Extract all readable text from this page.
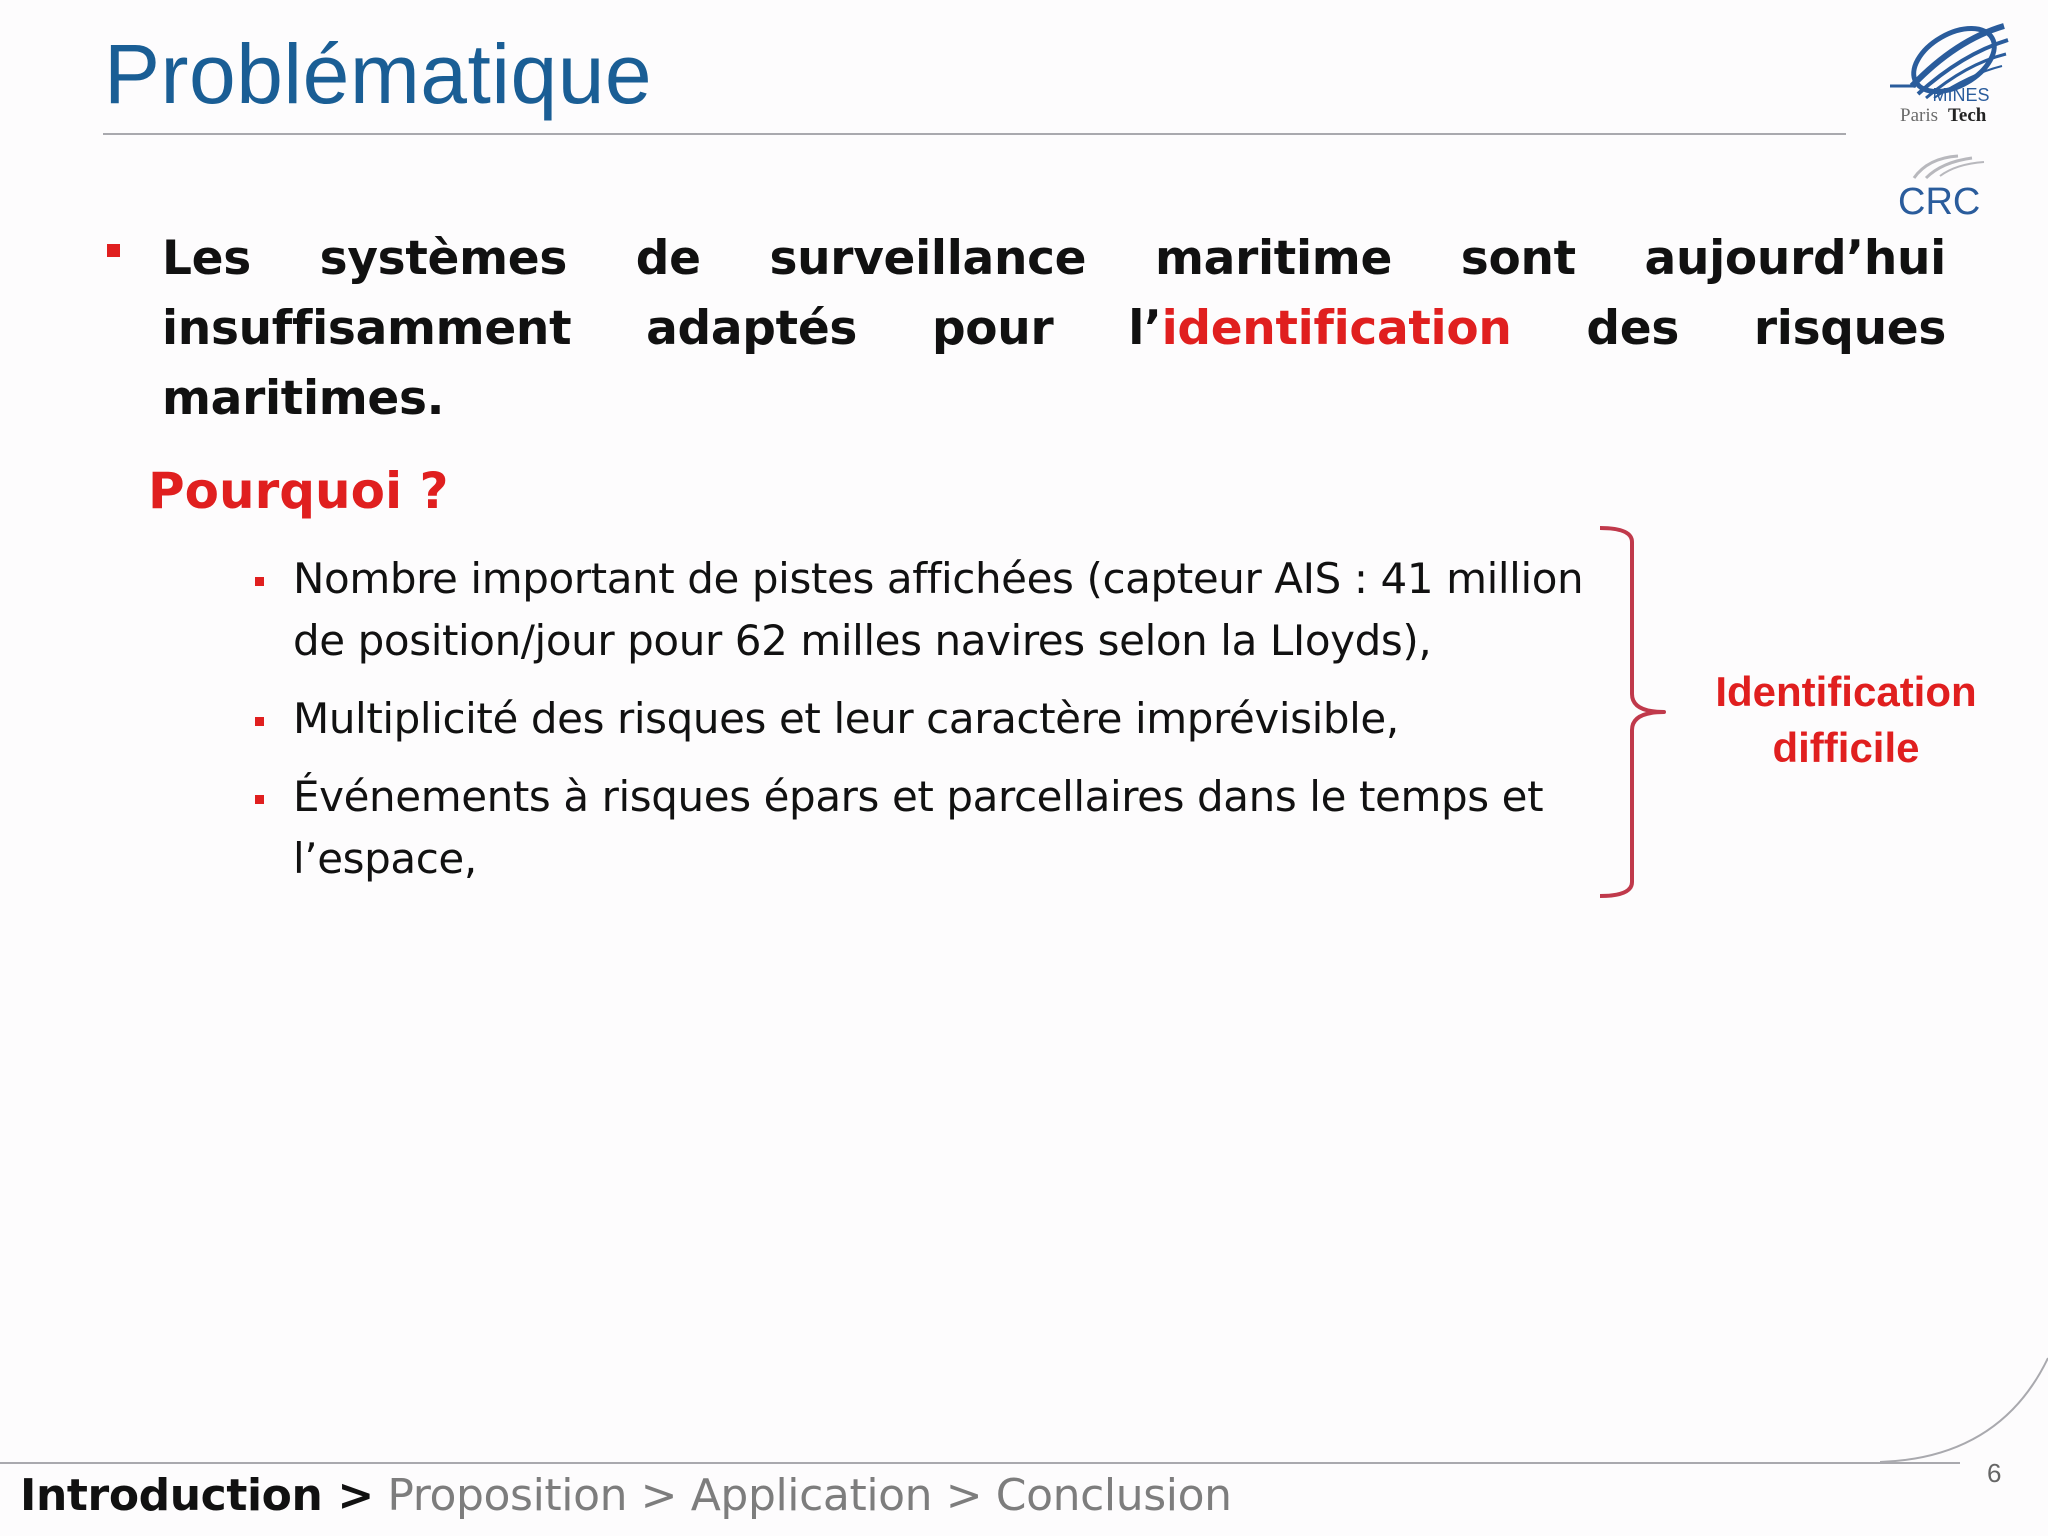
Problématique	MINES
Paris Tech
CRC
Les systèmes de surveillance maritime sont aujourd’hui insuffisamment adaptés pour l’identification des risques maritimes.
Pourquoi ?
Nombre important de pistes affichées (capteur AIS : 41 million de position/jour pour 62 milles navires selon la LIoyds),
Multiplicité des risques et leur caractère imprévisible,
Événements à risques épars et parcellaires dans le temps et l’espace,
Identification
difficile
Introduction > Proposition > Application > Conclusion	6
